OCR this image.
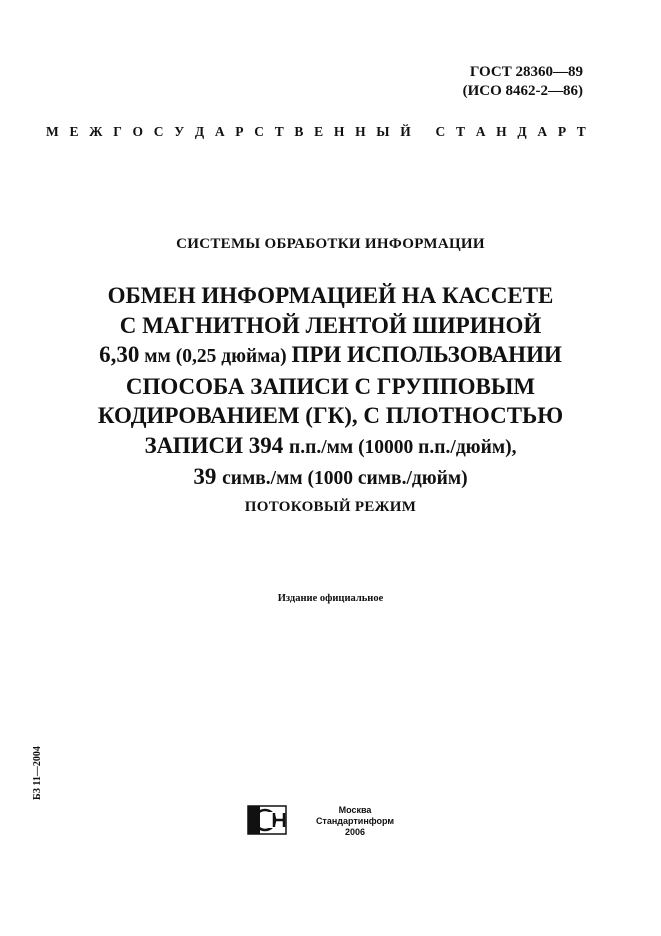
ГОСТ 28360—89
(ИСО 8462-2—86)
М Е Ж Г О С У Д А Р С Т В Е Н Н Ы Й
С Т А Н Д А Р Т
СИСТЕМЫ ОБРАБОТКИ ИНФОРМАЦИИ
ОБМЕН ИНФОРМАЦИЕЙ НА КАССЕТЕ
С МАГНИТНОЙ ЛЕНТОЙ ШИРИНОЙ
6,30 мм (0,25 дюйма) ПРИ ИСПОЛЬЗОВАНИИ
СПОСОБА ЗАПИСИ С ГРУППОВЫМ
КОДИРОВАНИЕМ (ГК), С ПЛОТНОСТЬЮ
ЗАПИСИ 394 п.п./мм (10000 п.п./дюйм),
39 симв./мм (1000 симв./дюйм)
ПОТОКОВЫЙ РЕЖИМ
Издание официальное
БЗ 11—2004
Москва
Стандартинформ
2006
